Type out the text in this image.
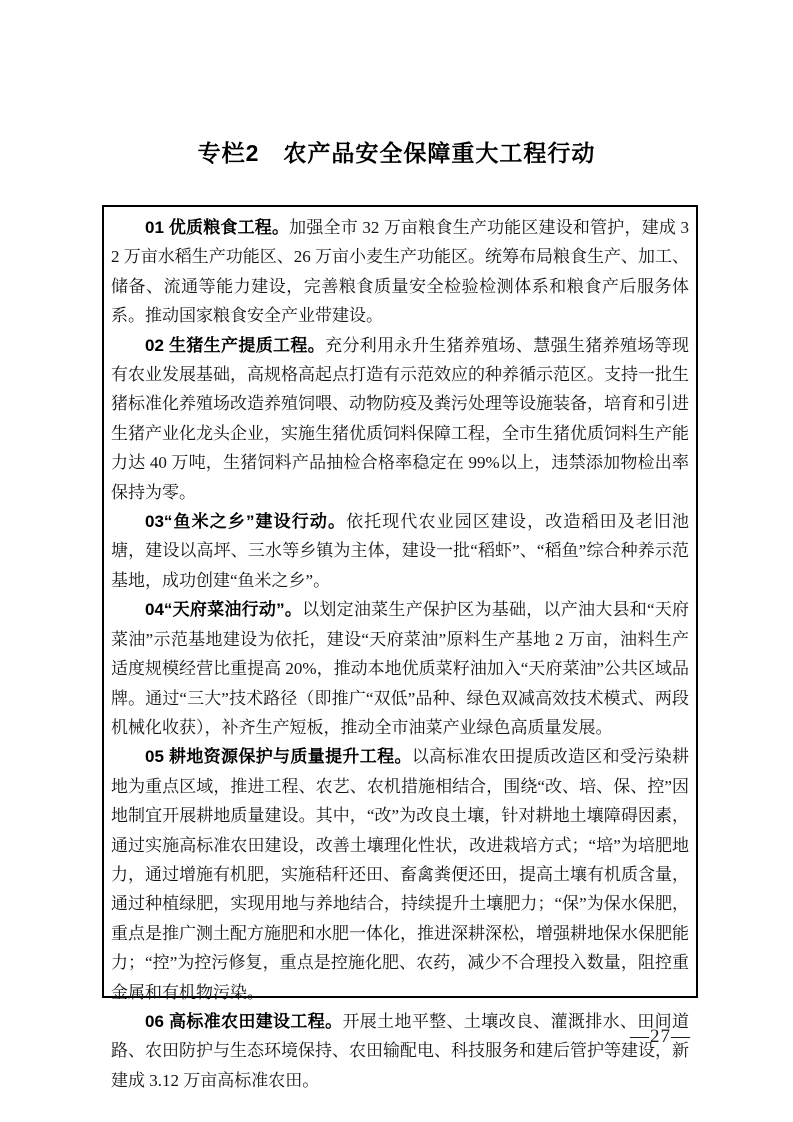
专栏2　农产品安全保障重大工程行动

01 优质粮食工程。加强全市 32 万亩粮食生产功能区建设和管护，建成 32 万亩水稻生产功能区、26 万亩小麦生产功能区。统筹布局粮食生产、加工、储备、流通等能力建设，完善粮食质量安全检验检测体系和粮食产后服务体系。推动国家粮食安全产业带建设。

02 生猪生产提质工程。充分利用永升生猪养殖场、慧强生猪养殖场等现有农业发展基础，高规格高起点打造有示范效应的种养循示范区。支持一批生猪标准化养殖场改造养殖饲喂、动物防疫及粪污处理等设施装备，培育和引进生猪产业化龙头企业，实施生猪优质饲料保障工程，全市生猪优质饲料生产能力达 40 万吨，生猪饲料产品抽检合格率稳定在 99%以上，违禁添加物检出率保持为零。

03“鱼米之乡”建设行动。依托现代农业园区建设，改造稻田及老旧池塘，建设以高坪、三水等乡镇为主体，建设一批“稻虾”、“稻鱼”综合种养示范基地，成功创建“鱼米之乡”。

04“天府菜油行动”。以划定油菜生产保护区为基础，以产油大县和“天府菜油”示范基地建设为依托，建设“天府菜油”原料生产基地 2 万亩，油料生产适度规模经营比重提高 20%，推动本地优质菜籽油加入“天府菜油”公共区域品牌。通过“三大”技术路径（即推广“双低”品种、绿色双减高效技术模式、两段机械化收获），补齐生产短板，推动全市油菜产业绿色高质量发展。

05 耕地资源保护与质量提升工程。以高标准农田提质改造区和受污染耕地为重点区域，推进工程、农艺、农机措施相结合，围绕“改、培、保、控”因地制宜开展耕地质量建设。其中，“改”为改良土壤，针对耕地土壤障碍因素，通过实施高标准农田建设，改善土壤理化性状，改进栽培方式；“培”为培肥地力，通过增施有机肥，实施秸秆还田、畜禽粪便还田，提高土壤有机质含量，通过种植绿肥，实现用地与养地结合，持续提升土壤肥力；“保”为保水保肥，重点是推广测土配方施肥和水肥一体化，推进深耕深松，增强耕地保水保肥能力；“控”为控污修复，重点是控施化肥、农药，减少不合理投入数量，阻控重金属和有机物污染。

06 高标准农田建设工程。开展土地平整、土壤改良、灌溉排水、田间道路、农田防护与生态环境保持、农田输配电、科技服务和建后管护等建设，新建成 3.12 万亩高标准农田。

—27—
